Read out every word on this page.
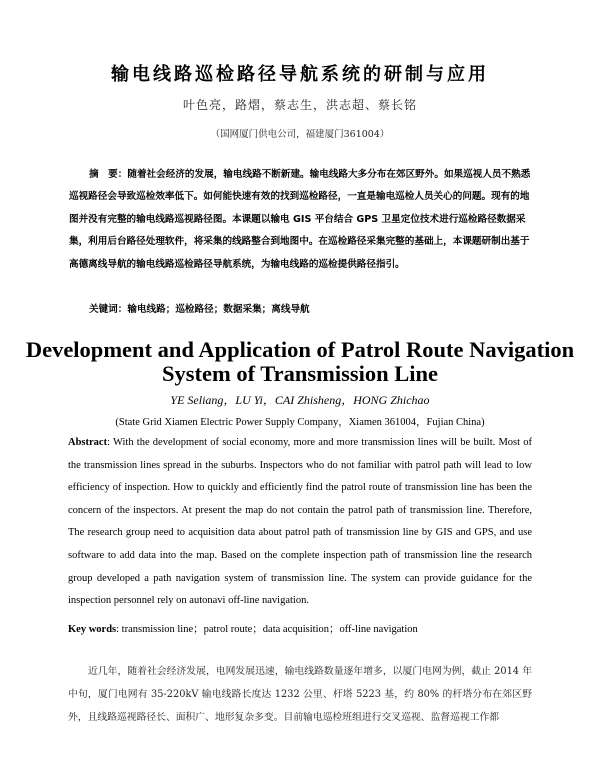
输电线路巡检路径导航系统的研制与应用
叶色亮，路熠，蔡志生，洪志超、蔡长铭
（国网厦门供电公司，福建厦门361004）

摘　要：随着社会经济的发展，输电线路不断新建。输电线路大多分布在郊区野外。如果巡视人员不熟悉巡视路径会导致巡检效率低下。如何能快速有效的找到巡检路径，一直是输电巡检人员关心的问题。现有的地图并没有完整的输电线路巡视路径图。本课题以输电 GIS 平台结合 GPS 卫星定位技术进行巡检路径数据采集，利用后台路径处理软件，将采集的线路整合到地图中。在巡检路径采集完整的基础上，本课题研制出基于高德离线导航的输电线路巡检路径导航系统，为输电线路的巡检提供路径指引。

关键词：输电线路；巡检路径；数据采集；离线导航

Development and Application of Patrol Route Navigation System of Transmission Line
YE Seliang，LU Yi，CAI Zhisheng，HONG Zhichao
(State Grid Xiamen Electric Power Supply Company，Xiamen 361004，Fujian China)

Abstract: With the development of social economy, more and more transmission lines will be built. Most of the transmission lines spread in the suburbs. Inspectors who do not familiar with patrol path will lead to low efficiency of inspection. How to quickly and efficiently find the patrol route of transmission line has been the concern of the inspectors. At present the map do not contain the patrol path of transmission line. Therefore, The research group need to acquisition data about patrol path of transmission line by GIS and GPS, and use software to add data into the map. Based on the complete inspection path of transmission line the research group developed a path navigation system of transmission line. The system can provide guidance for the inspection personnel rely on autonavi off-line navigation.

Key words: transmission line；patrol route；data acquisition；off-line navigation

近几年，随着社会经济发展，电网发展迅速，输电线路数量逐年增多，以厦门电网为例，截止 2014 年中旬，厦门电网有 35-220kV 输电线路长度达 1232 公里、杆塔 5223 基，约 80% 的杆塔分布在郊区野外，且线路巡视路径长、面积广、地形复杂多变。目前输电巡检班组进行交叉巡视、监督巡视工作都
